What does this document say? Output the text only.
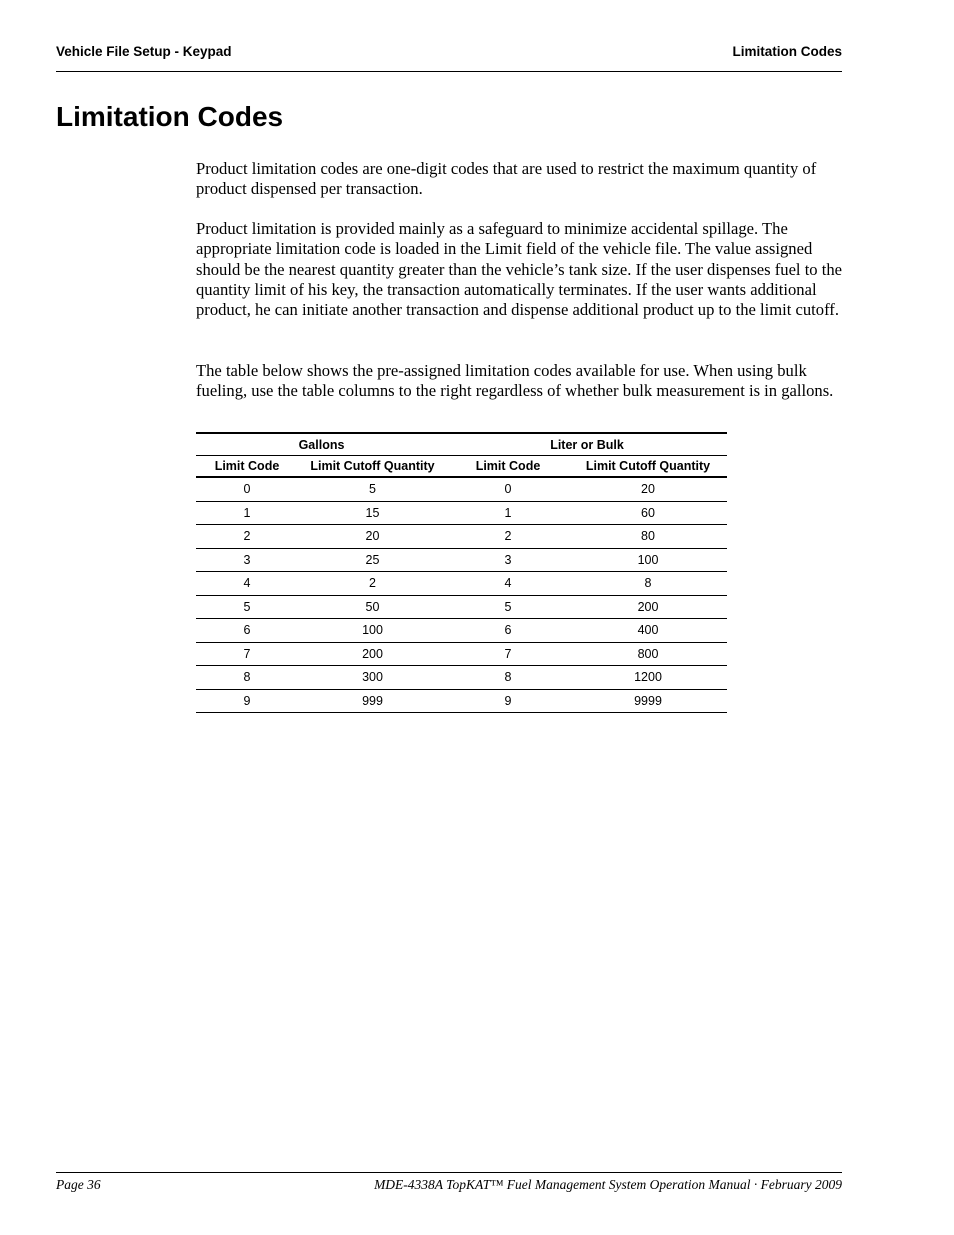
Vehicle File Setup - Keypad	Limitation Codes
Limitation Codes

Product limitation codes are one-digit codes that are used to restrict the maximum quantity of product dispensed per transaction.

Product limitation is provided mainly as a safeguard to minimize accidental spillage. The appropriate limitation code is loaded in the Limit field of the vehicle file. The value assigned should be the nearest quantity greater than the vehicle’s tank size. If the user dispenses fuel to the quantity limit of his key, the transaction automatically terminates. If the user wants additional product, he can initiate another transaction and dispense additional product up to the limit cutoff.

The table below shows the pre-assigned limitation codes available for use. When using bulk fueling, use the table columns to the right regardless of whether bulk measurement is in gallons.

Gallons		Liter or Bulk	
Limit Code	Limit Cutoff Quantity	Limit Code	Limit Cutoff Quantity
0	5	0	20
1	15	1	60
2	20	2	80
3	25	3	100
4	2	4	8
5	50	5	200
6	100	6	400
7	200	7	800
8	300	8	1200
9	999	9	9999
Page 36	MDE-4338A TopKAT™ Fuel Management System Operation Manual · February 2009
